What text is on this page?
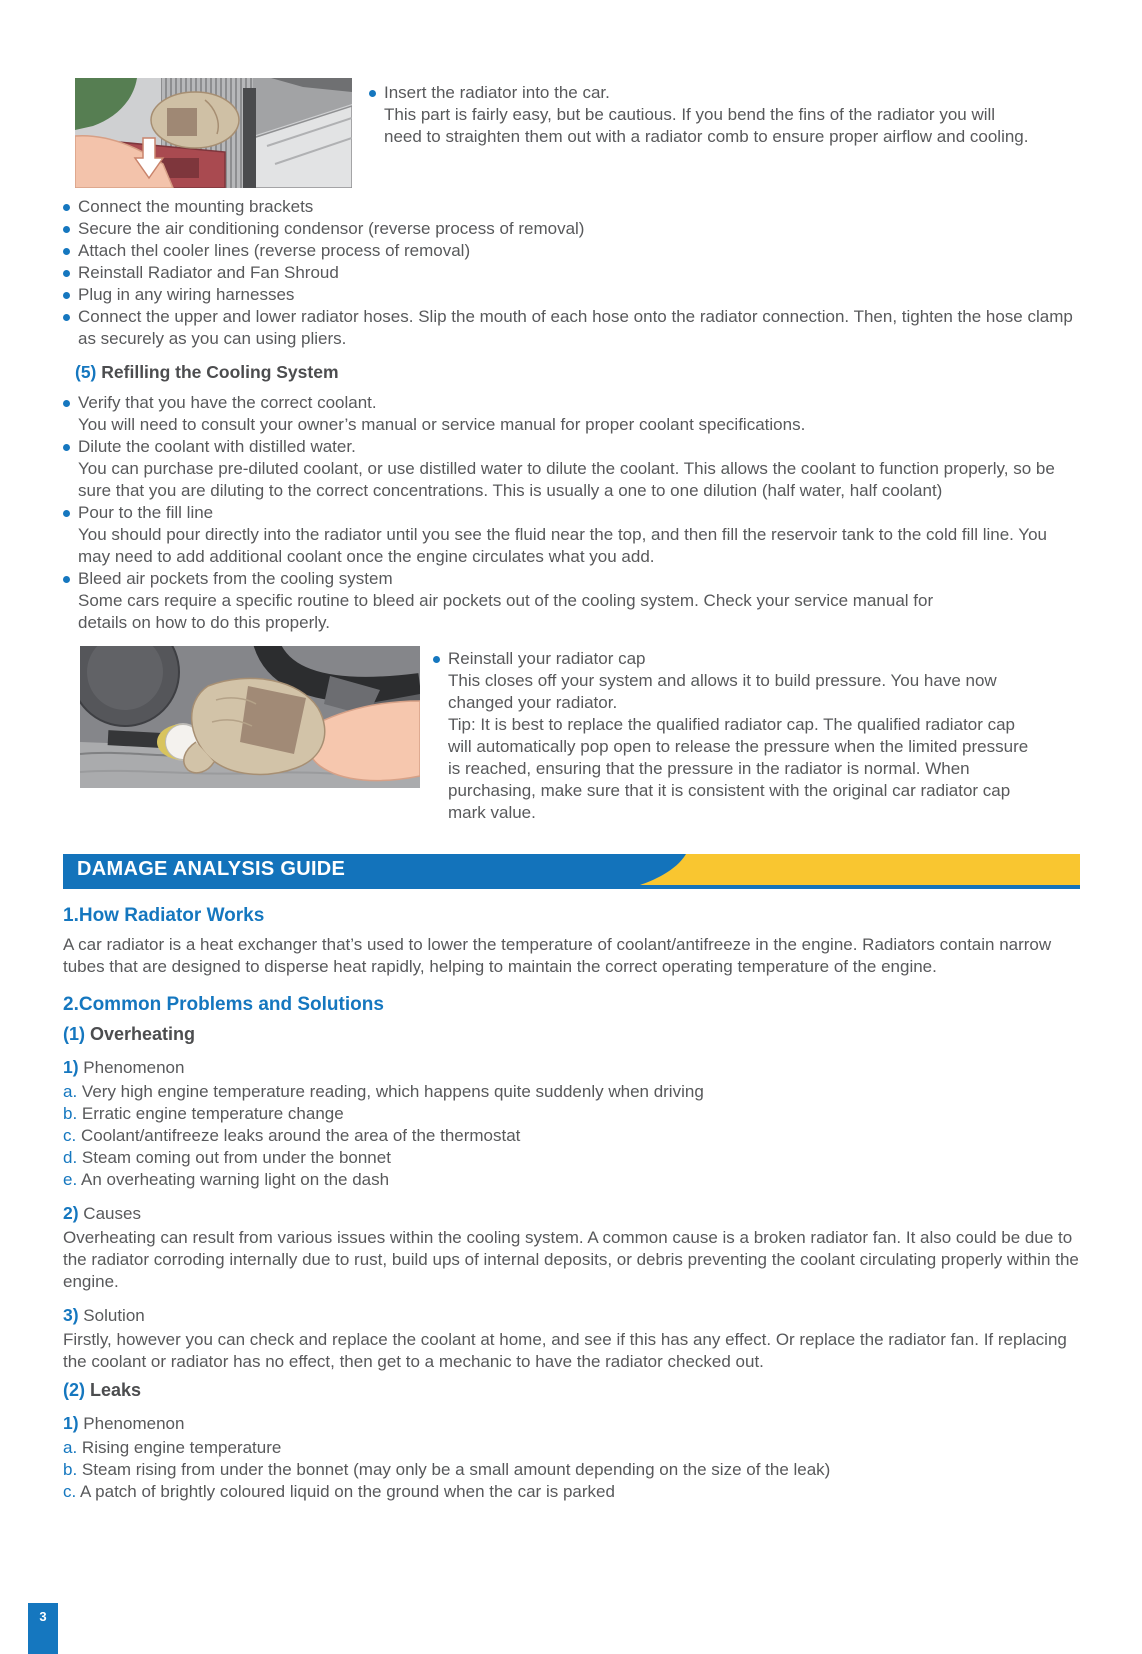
Insert the radiator into the car.
This part is fairly easy, but be cautious. If you bend the fins of the radiator you will need to straighten them out with a radiator comb to ensure proper airflow and cooling.
Connect the mounting brackets
Secure the air conditioning condensor (reverse process of removal)
Attach thel cooler lines (reverse process of removal)
Reinstall Radiator and Fan Shroud
Plug in any wiring harnesses
Connect the upper and lower radiator hoses. Slip the mouth of each hose onto the radiator connection. Then, tighten the hose clamp as securely as you can using pliers.
(5) Refilling the Cooling System
Verify that you have the correct coolant.
You will need to consult your owner’s manual or service manual for proper coolant specifications.
Dilute the coolant with distilled water.
You can purchase pre-diluted coolant, or use distilled water to dilute the coolant. This allows the coolant to function properly, so be sure that you are diluting to the correct concentrations. This is usually a one to one dilution (half water, half coolant)
Pour to the fill line
You should pour directly into the radiator until you see the fluid near the top, and then fill the reservoir tank to the cold fill line. You may need to add additional coolant once the engine circulates what you add.
Bleed air pockets from the cooling system
Some cars require a specific routine to bleed air pockets out of the cooling system. Check your service manual for details on how to do this properly.
Reinstall your radiator cap
This closes off your system and allows it to build pressure. You have now changed your radiator.
Tip: It is best to replace the qualified radiator cap. The qualified radiator cap will automatically pop open to release the pressure when the limited pressure is reached, ensuring that the pressure in the radiator is normal. When purchasing, make sure that it is consistent with the original car radiator cap mark value.
DAMAGE ANALYSIS GUIDE
1.How Radiator Works

A car radiator is a heat exchanger that’s used to lower the temperature of coolant/antifreeze in the engine. Radiators contain narrow tubes that are designed to disperse heat rapidly, helping to maintain the correct operating temperature of the engine.

2.Common Problems and Solutions
(1) Overheating
1) Phenomenon
a. Very high engine temperature reading, which happens quite suddenly when driving
b. Erratic engine temperature change
c. Coolant/antifreeze leaks around the area of the thermostat
d. Steam coming out from under the bonnet
e. An overheating warning light on the dash
2) Causes

Overheating can result from various issues within the cooling system. A common cause is a broken radiator fan. It also could be due to the radiator corroding internally due to rust, build ups of internal deposits, or debris preventing the coolant circulating properly within the engine.

3) Solution

Firstly, however you can check and replace the coolant at home, and see if this has any effect. Or replace the radiator fan. If replacing the coolant or radiator has no effect, then get to a mechanic to have the radiator checked out.

(2) Leaks
1) Phenomenon
a. Rising engine temperature
b. Steam rising from under the bonnet (may only be a small amount depending on the size of the leak)
c. A patch of brightly coloured liquid on the ground when the car is parked
3
